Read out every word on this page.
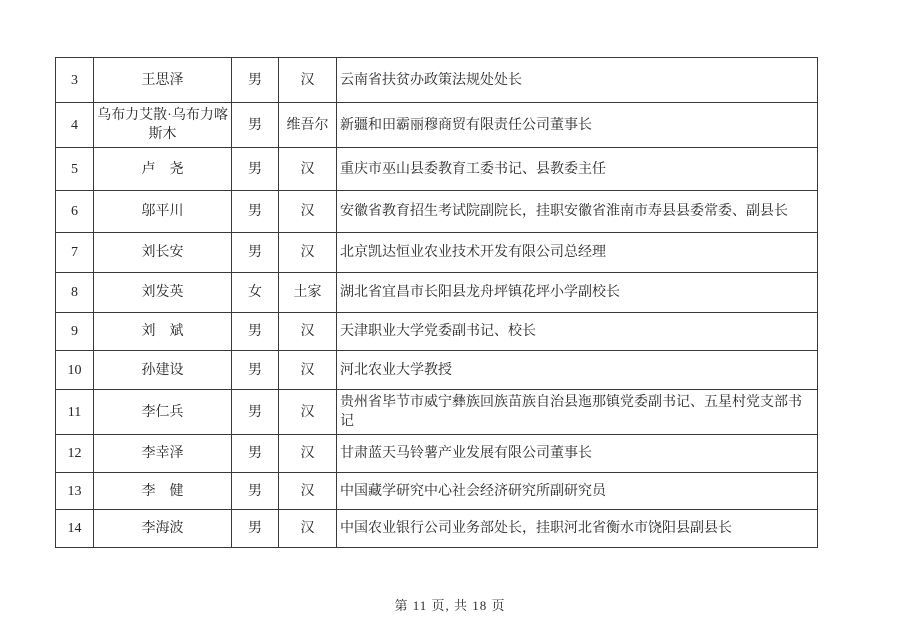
3	王思泽	男	汉	云南省扶贫办政策法规处处长
4	乌布力艾散·乌布力喀斯木	男	维吾尔	新疆和田霸丽穆商贸有限责任公司董事长
5	卢　尧	男	汉	重庆市巫山县委教育工委书记、县教委主任
6	邬平川	男	汉	安徽省教育招生考试院副院长，挂职安徽省淮南市寿县县委常委、副县长
7	刘长安	男	汉	北京凯达恒业农业技术开发有限公司总经理
8	刘发英	女	土家	湖北省宜昌市长阳县龙舟坪镇花坪小学副校长
9	刘　斌	男	汉	天津职业大学党委副书记、校长
10	孙建设	男	汉	河北农业大学教授
11	李仁兵	男	汉	贵州省毕节市威宁彝族回族苗族自治县迤那镇党委副书记、五星村党支部书记
12	李幸泽	男	汉	甘肃蓝天马铃薯产业发展有限公司董事长
13	李　健	男	汉	中国藏学研究中心社会经济研究所副研究员
14	李海波	男	汉	中国农业银行公司业务部处长，挂职河北省衡水市饶阳县副县长
第 11 页, 共 18 页
